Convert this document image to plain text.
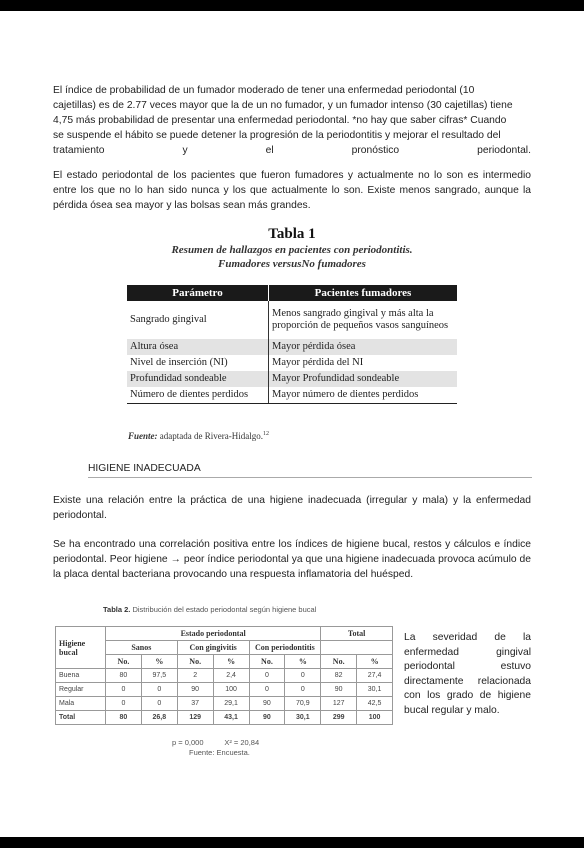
El índice de probabilidad de un fumador moderado de tener una enfermedad periodontal (10
cajetillas) es de 2.77 veces mayor que la de un no fumador, y un fumador intenso (30 cajetillas) tiene
4,75 más probabilidad de presentar una enfermedad periodontal. *no hay que saber cifras* Cuando
se suspende el hábito se puede detener la progresión de la periodontitis y mejorar el resultado del
tratamiento	y	el	pronóstico	periodontal.

El estado periodontal de los pacientes que fueron fumadores y actualmente no lo son es intermedio entre los que no lo han sido nunca y los que actualmente lo son. Existe menos sangrado, aunque la pérdida ósea sea mayor y las bolsas sean más grandes.

Tabla 1
Resumen de hallazgos en pacientes con periodontitis.
Fumadores versusNo fumadores
Parámetro	Pacientes fumadores
Sangrado gingival	Menos sangrado gingival y más alta la proporción de pequeños vasos sanguíneos
Altura ósea	Mayor pérdida ósea
Nivel de inserción (NI)	Mayor pérdida del NI
Profundidad sondeable	Mayor Profundidad sondeable
Número de dientes perdidos	Mayor número de dientes perdidos
Fuente: adaptada de Rivera-Hidalgo.$^{12}$
HIGIENE INADECUADA

Existe una relación entre la práctica de una higiene inadecuada (irregular y mala) y la enfermedad periodontal.

Se ha encontrado una correlación positiva entre los índices de higiene bucal, restos y cálculos e índice periodontal. Peor higiene → peor índice periodontal ya que una higiene inadecuada provoca acúmulo de la placa dental bacteriana provocando una respuesta inflamatoria del huésped.

Tabla 2. Distribución del estado periodontal según higiene bucal
Higiene bucal	Estado periodontal						Total	
	Sanos		Con gingivitis		Con periodontitis			
	No.	%	No.	%	No.	%	No.	%
Buena	80	97,5	2	2,4	0	0	82	27,4
Regular	0	0	90	100	0	0	90	30,1
Mala	0	0	37	29,1	90	70,9	127	42,5
Total	80	26,8	129	43,1	90	30,1	299	100
p = 0,000          X² = 20,84
Fuente: Encuesta.

La severidad de la enfermedad gingival periodontal estuvo directamente relacionada con los grado de higiene bucal regular y malo.
